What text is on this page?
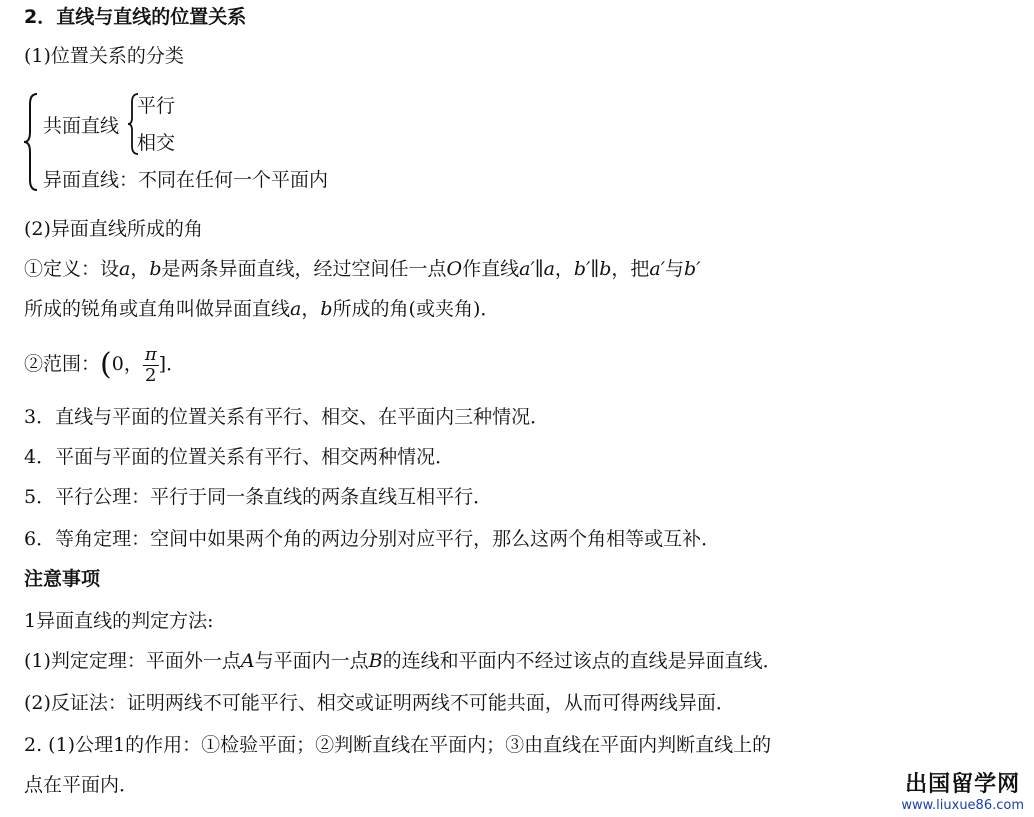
2．直线与直线的位置关系
(1)位置关系的分类
共面直线
平行
相交
异面直线：不同在任何一个平面内
(2)异面直线所成的角
①定义：设a，b是两条异面直线，经过空间任一点O作直线a′∥a，b′∥b，把a′与b′
所成的锐角或直角叫做异面直线a，b所成的角(或夹角)．
②范围：(0， $\frac{\pi}{2}$ ]．
3．直线与平面的位置关系有平行、相交、在平面内三种情况．
4．平面与平面的位置关系有平行、相交两种情况．
5．平行公理：平行于同一条直线的两条直线互相平行．
6．等角定理：空间中如果两个角的两边分别对应平行，那么这两个角相等或互补．
注意事项
1异面直线的判定方法:
(1)判定定理：平面外一点A与平面内一点B的连线和平面内不经过该点的直线是异面直线．
(2)反证法：证明两线不可能平行、相交或证明两线不可能共面，从而可得两线异面．
2. (1)公理1的作用：①检验平面；②判断直线在平面内；③由直线在平面内判断直线上的
点在平面内．	出国留学网
www.liuxue86.com
